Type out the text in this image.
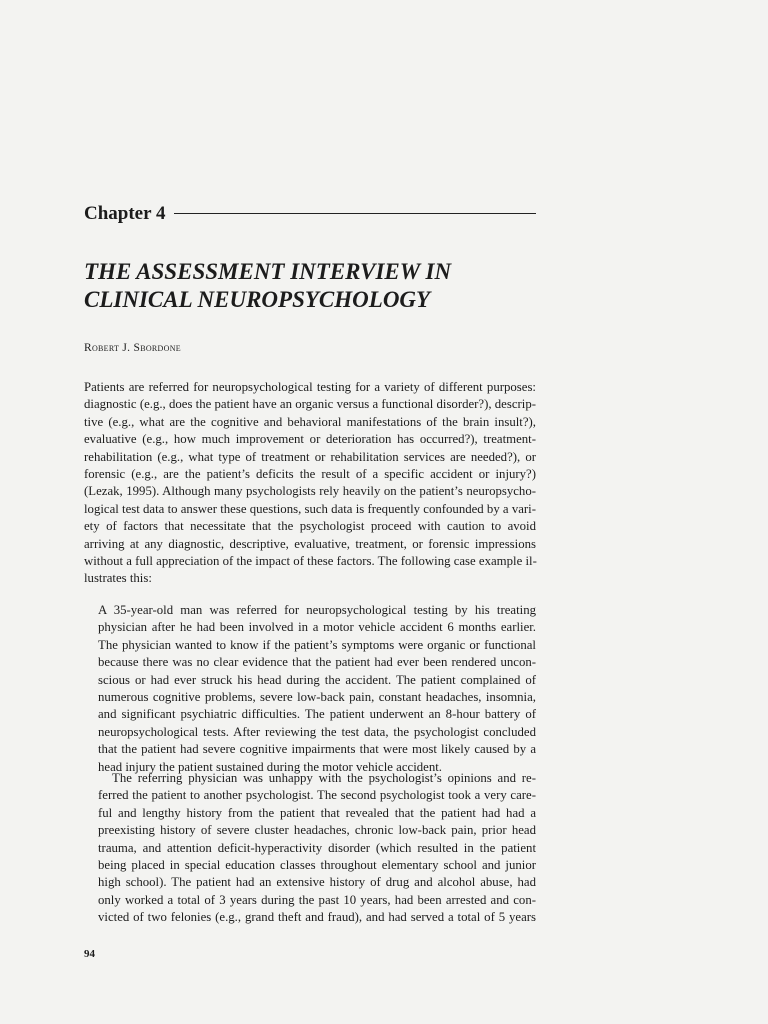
Chapter 4
THE ASSESSMENT INTERVIEW IN
CLINICAL NEUROPSYCHOLOGY
Robert J. Sbordone

Patients are referred for neuropsychological testing for a variety of different purposes:
diagnostic (e.g., does the patient have an organic versus a functional disorder?), descrip-
tive (e.g., what are the cognitive and behavioral manifestations of the brain insult?),
evaluative (e.g., how much improvement or deterioration has occurred?), treatment-
rehabilitation (e.g., what type of treatment or rehabilitation services are needed?), or
forensic (e.g., are the patient’s deficits the result of a specific accident or injury?)
(Lezak, 1995). Although many psychologists rely heavily on the patient’s neuropsycho-
logical test data to answer these questions, such data is frequently confounded by a vari-
ety of factors that necessitate that the psychologist proceed with caution to avoid
arriving at any diagnostic, descriptive, evaluative, treatment, or forensic impressions
without a full appreciation of the impact of these factors. The following case example il-
lustrates this:

A 35-year-old man was referred for neuropsychological testing by his treating
physician after he had been involved in a motor vehicle accident 6 months earlier.
The physician wanted to know if the patient’s symptoms were organic or functional
because there was no clear evidence that the patient had ever been rendered uncon-
scious or had ever struck his head during the accident. The patient complained of
numerous cognitive problems, severe low-back pain, constant headaches, insomnia,
and significant psychiatric difficulties. The patient underwent an 8-hour battery of
neuropsychological tests. After reviewing the test data, the psychologist concluded
that the patient had severe cognitive impairments that were most likely caused by a
head injury the patient sustained during the motor vehicle accident.

The referring physician was unhappy with the psychologist’s opinions and re-
ferred the patient to another psychologist. The second psychologist took a very care-
ful and lengthy history from the patient that revealed that the patient had had a
preexisting history of severe cluster headaches, chronic low-back pain, prior head
trauma, and attention deficit-hyperactivity disorder (which resulted in the patient
being placed in special education classes throughout elementary school and junior
high school). The patient had an extensive history of drug and alcohol abuse, had
only worked a total of 3 years during the past 10 years, had been arrested and con-
victed of two felonies (e.g., grand theft and fraud), and had served a total of 5 years

94
